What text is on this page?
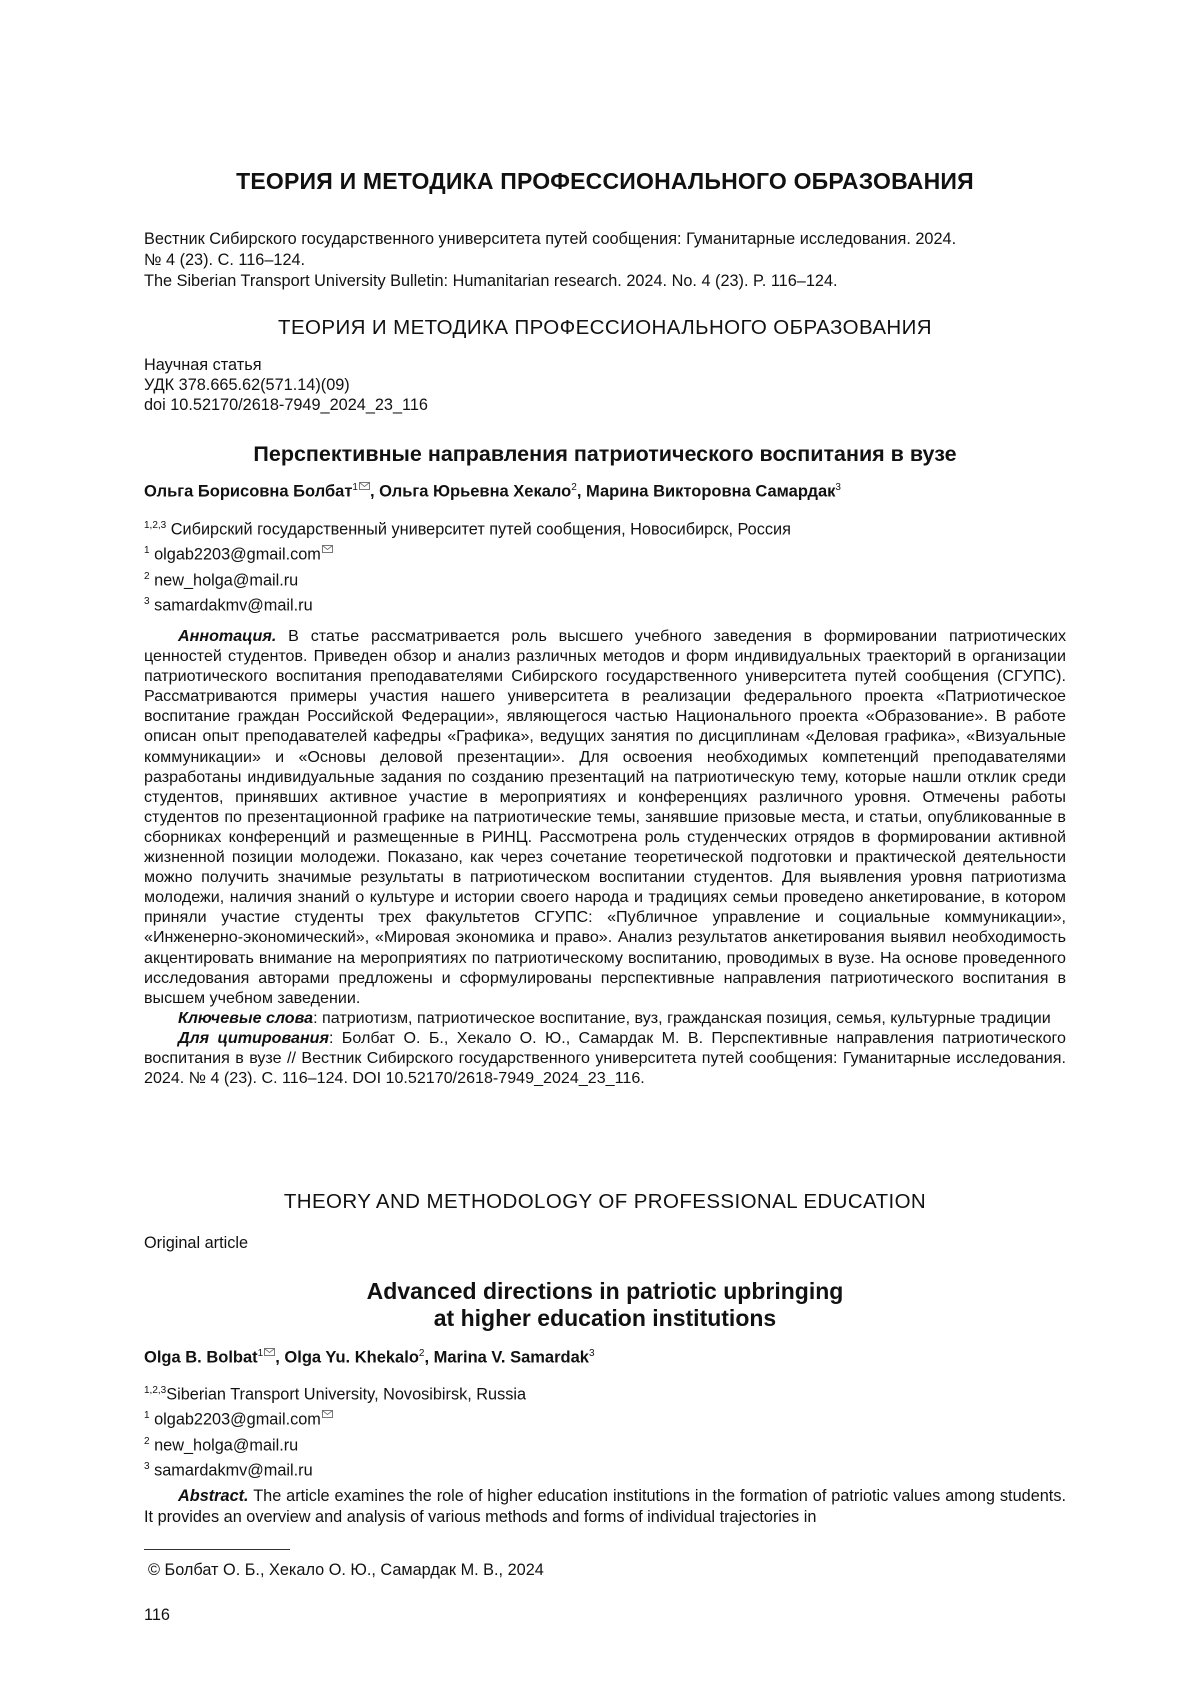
ТЕОРИЯ И МЕТОДИКА ПРОФЕССИОНАЛЬНОГО ОБРАЗОВАНИЯ
Вестник Сибирского государственного университета путей сообщения: Гуманитарные исследования. 2024.
№ 4 (23). С. 116–124.
The Siberian Transport University Bulletin: Humanitarian research. 2024. No. 4 (23). P. 116–124.
ТЕОРИЯ И МЕТОДИКА ПРОФЕССИОНАЛЬНОГО ОБРАЗОВАНИЯ
Научная статья
УДК 378.665.62(571.14)(09)
doi 10.52170/2618-7949_2024_23_116
Перспективные направления патриотического воспитания в вузе
Ольга Борисовна Болбат1 , Ольга Юрьевна Хекало2, Марина Викторовна Самардак3
1,2,3 Сибирский государственный университет путей сообщения, Новосибирск, Россия
1 olgab2203@gmail.com
2 new_holga@mail.ru
3 samardakmv@mail.ru

Аннотация. В статье рассматривается роль высшего учебного заведения в формировании патриотических ценностей студентов. Приведен обзор и анализ различных методов и форм индивидуальных траекторий в организации патриотического воспитания преподавателями Сибирского государственного университета путей сообщения (СГУПС). Рассматриваются примеры участия нашего университета в реализации федерального проекта «Патриотическое воспитание граждан Российской Федерации», являющегося частью Национального проекта «Образование». В работе описан опыт преподавателей кафедры «Графика», ведущих занятия по дисциплинам «Деловая графика», «Визуальные коммуникации» и «Основы деловой презентации». Для освоения необходимых компетенций преподавателями разработаны индивидуальные задания по созданию презентаций на патриотическую тему, которые нашли отклик среди студентов, принявших активное участие в мероприятиях и конференциях различного уровня. Отмечены работы студентов по презентационной графике на патриотические темы, занявшие призовые места, и статьи, опубликованные в сборниках конференций и размещенные в РИНЦ. Рассмотрена роль студенческих отрядов в формировании активной жизненной позиции молодежи. Показано, как через сочетание теоретической подготовки и практической деятельности можно получить значимые результаты в патриотическом воспитании студентов. Для выявления уровня патриотизма молодежи, наличия знаний о культуре и истории своего народа и традициях семьи проведено анкетирование, в котором приняли участие студенты трех факультетов СГУПС: «Публичное управление и социальные коммуникации», «Инженерно-экономический», «Мировая экономика и право». Анализ результатов анкетирования выявил необходимость акцентировать внимание на мероприятиях по патриотическому воспитанию, проводимых в вузе. На основе проведенного исследования авторами предложены и сформулированы перспективные направления патриотического воспитания в высшем учебном заведении.

Ключевые слова: патриотизм, патриотическое воспитание, вуз, гражданская позиция, семья, культурные традиции

Для цитирования: Болбат О. Б., Хекало О. Ю., Самардак М. В. Перспективные направления патриотического воспитания в вузе // Вестник Сибирского государственного университета путей сообщения: Гуманитарные исследования. 2024. № 4 (23). С. 116–124. DOI 10.52170/2618-7949_2024_23_116.

THEORY AND METHODOLOGY OF PROFESSIONAL EDUCATION
Original article
Advanced directions in patriotic upbringing
at higher education institutions
Olga B. Bolbat1 , Olga Yu. Khekalo2, Marina V. Samardak3
1,2,3Siberian Transport University, Novosibirsk, Russia
1 olgab2203@gmail.com
2 new_holga@mail.ru
3 samardakmv@mail.ru

Abstract. The article examines the role of higher education institutions in the formation of patriotic values among students. It provides an overview and analysis of various methods and forms of individual trajectories in

© Болбат О. Б., Хекало О. Ю., Самардак М. В., 2024
116
